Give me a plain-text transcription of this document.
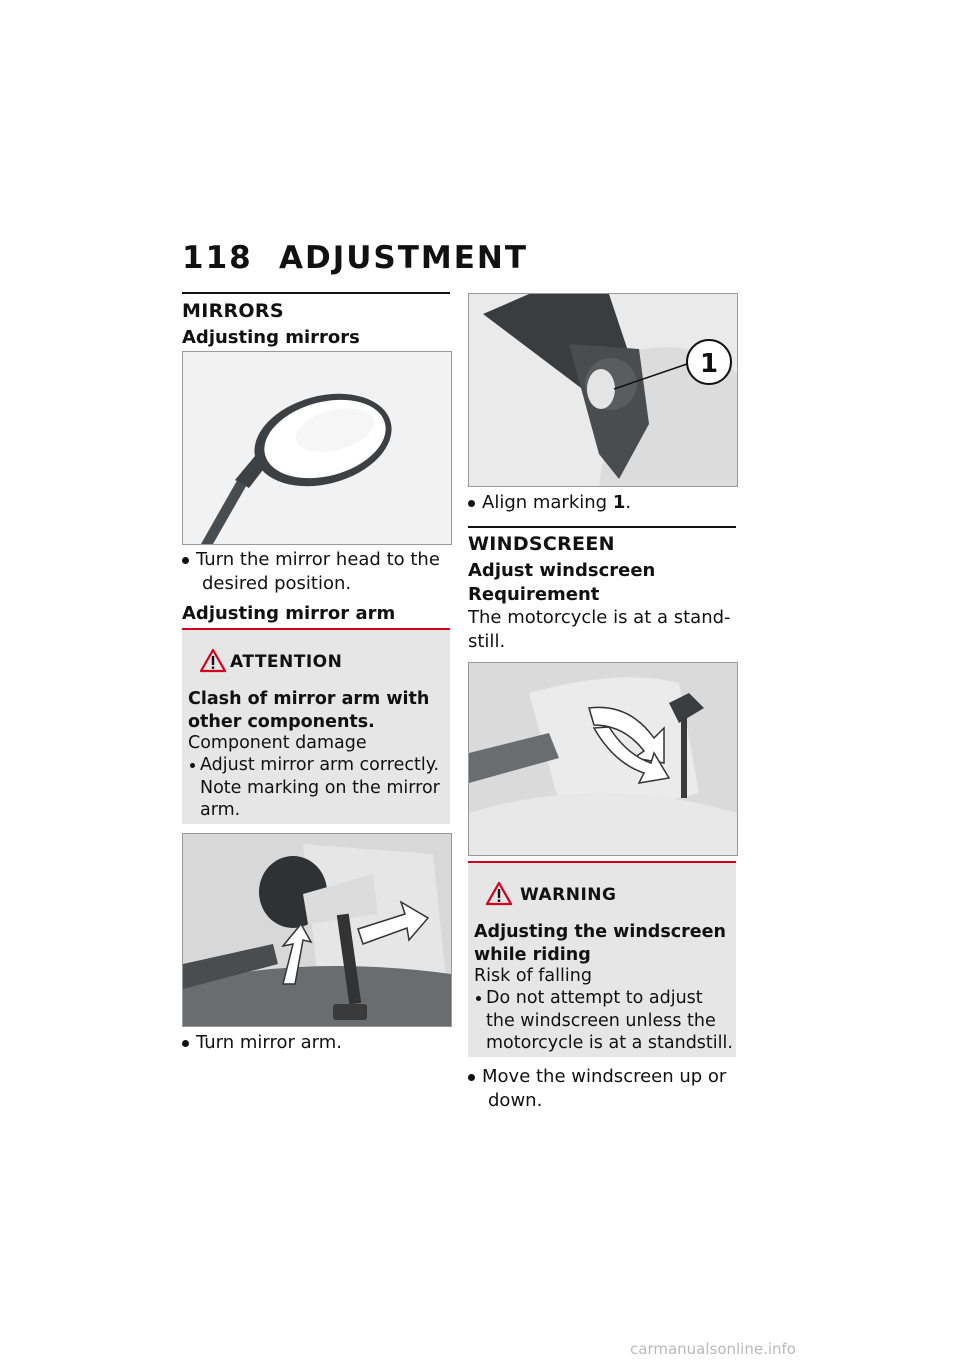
118 ADJUSTMENT
MIRRORS
Adjusting mirrors
Turn the mirror head to the
desired position.
Adjusting mirror arm
ATTENTION
Clash of mirror arm with
other components.
Component damage
Adjust mirror arm correctly.
Note marking on the mirror
arm.
Turn mirror arm.
1
Align marking 1.
WINDSCREEN
Adjust windscreen
Requirement
The motorcycle is at a stand-
still.
WARNING
Adjusting the windscreen
while riding
Risk of falling
Do not attempt to adjust
the windscreen unless the
motorcycle is at a standstill.
Move the windscreen up or
down.
carmanualsonline.info
